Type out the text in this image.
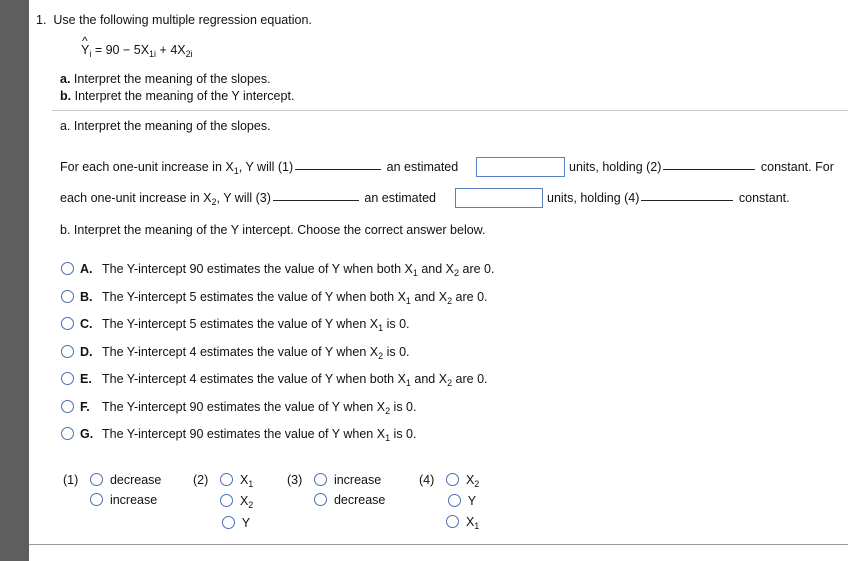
1. Use the following multiple regression equation.
^ $Y_i = 90 - 5X_{1i} + 4X_{2i}$
a. Interpret the meaning of the slopes.
b. Interpret the meaning of the Y intercept.
a. Interpret the meaning of the slopes.
For each one-unit increase in $X_1$, Y will (1)	an estimated	units, holding (2)	constant. For
each one-unit increase in $X_2$, Y will (3)	an estimated	units, holding (4)	constant.
b. Interpret the meaning of the Y intercept. Choose the correct answer below.
A. The Y-intercept 90 estimates the value of Y when both $X_1$ and $X_2$ are 0.
B. The Y-intercept 5 estimates the value of Y when both $X_1$ and $X_2$ are 0.
C. The Y-intercept 5 estimates the value of Y when $X_1$ is 0.
D. The Y-intercept 4 estimates the value of Y when $X_2$ is 0.
E. The Y-intercept 4 estimates the value of Y when both $X_1$ and $X_2$ are 0.
F. The Y-intercept 90 estimates the value of Y when $X_2$ is 0.
G. The Y-intercept 90 estimates the value of Y when $X_1$ is 0.
(1)	decrease
increase
(2)	$X_1$
$X_2$
Y
(3)	increase
decrease
(4)	$X_2$
Y
$X_1$
